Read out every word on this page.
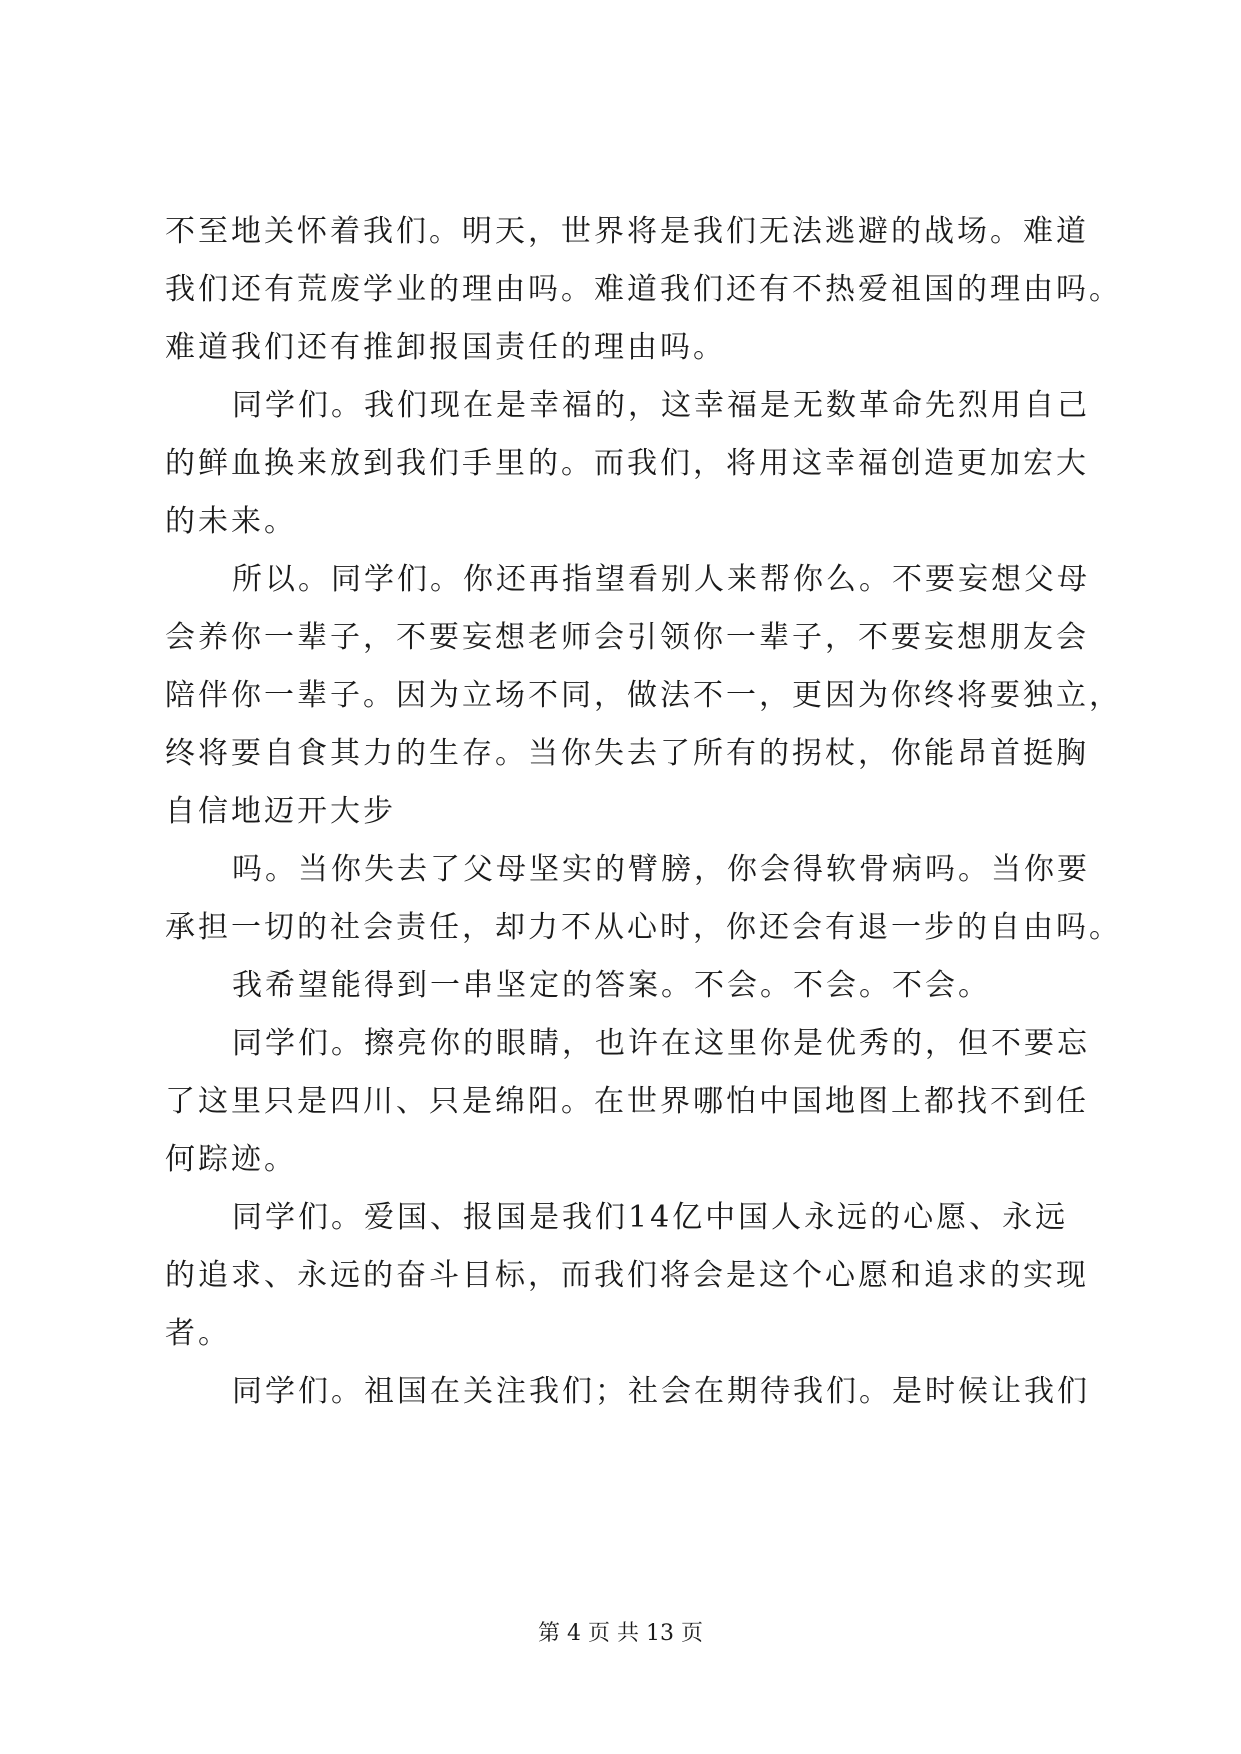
不至地关怀着我们。明天，世界将是我们无法逃避的战场。难道

我们还有荒废学业的理由吗。难道我们还有不热爱祖国的理由吗。

难道我们还有推卸报国责任的理由吗。

同学们。我们现在是幸福的，这幸福是无数革命先烈用自己

的鲜血换来放到我们手里的。而我们，将用这幸福创造更加宏大

的未来。

所以。同学们。你还再指望看别人来帮你么。不要妄想父母

会养你一辈子，不要妄想老师会引领你一辈子，不要妄想朋友会

陪伴你一辈子。因为立场不同，做法不一，更因为你终将要独立，

终将要自食其力的生存。当你失去了所有的拐杖，你能昂首挺胸

自信地迈开大步

吗。当你失去了父母坚实的臂膀，你会得软骨病吗。当你要

承担一切的社会责任，却力不从心时，你还会有退一步的自由吗。

我希望能得到一串坚定的答案。不会。不会。不会。

同学们。擦亮你的眼睛，也许在这里你是优秀的，但不要忘

了这里只是四川、只是绵阳。在世界哪怕中国地图上都找不到任

何踪迹。

同学们。爱国、报国是我们14亿中国人永远的心愿、永远

的追求、永远的奋斗目标，而我们将会是这个心愿和追求的实现

者。

同学们。祖国在关注我们；社会在期待我们。是时候让我们

第 4 页 共 13 页
